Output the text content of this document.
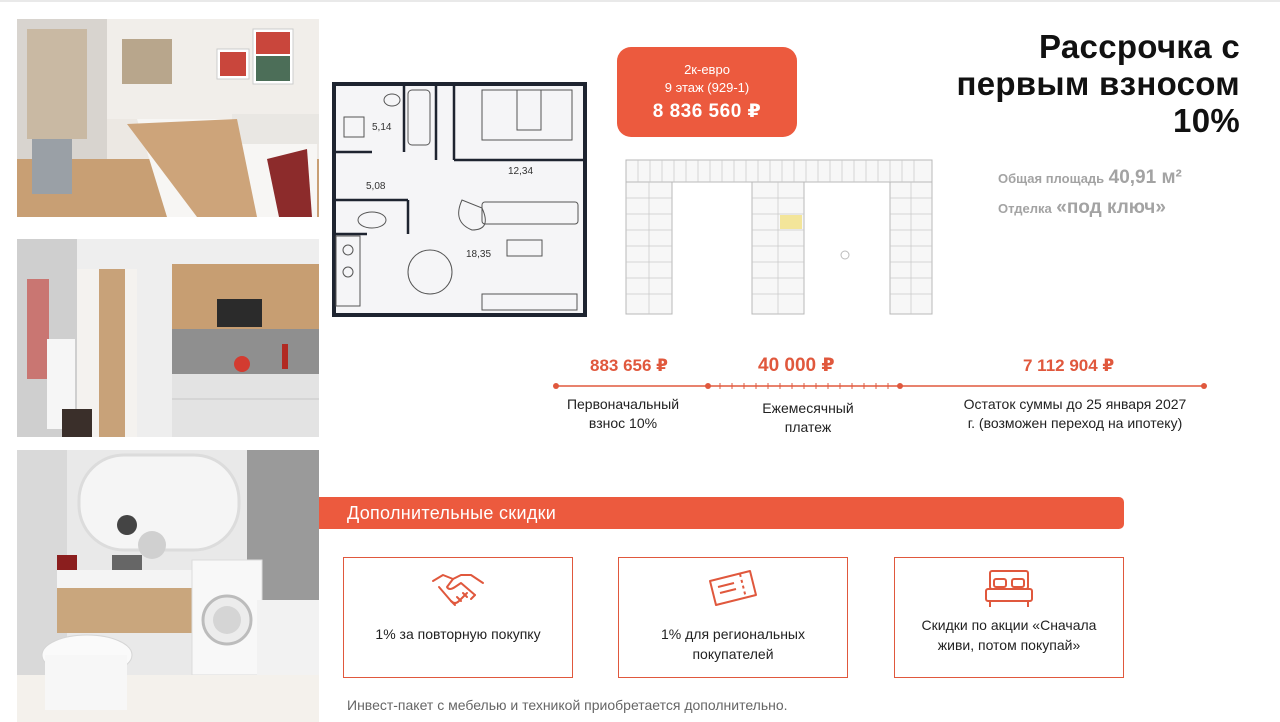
5,14
5,08
12,34
18,35
2к-евро
9 этаж (929-1)
8 836 560 ₽
Рассрочка с
первым взносом
10%
Общая площадь 40,91 м²
Отделка «под ключ»
883 656 ₽	40 000 ₽	7 112 904 ₽
Первоначальный взнос 10%
Ежемесячный платеж
Остаток суммы до 25 января 2027 г. (возможен переход на ипотеку)
Дополнительные скидки
1% за повторную покупку	1% для региональных покупателей
Скидки по акции «Сначала живи, потом покупай»
Инвест-пакет с мебелью и техникой приобретается дополнительно.
